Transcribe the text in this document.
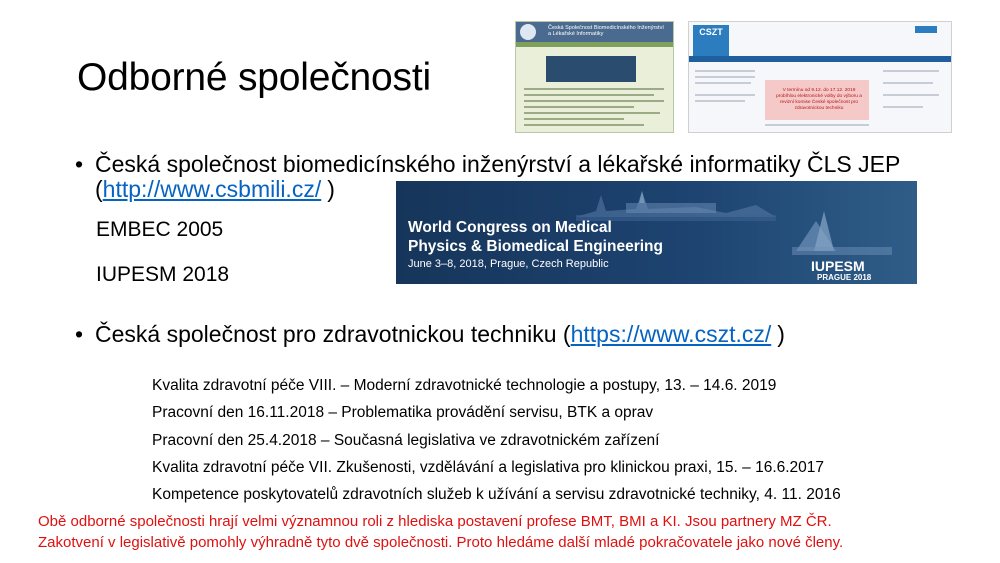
Odborné společnosti
Česká Společnost Biomedicínského Inženýrství a Lékařské Informatiky	CSZT
V termínu od 9.12. do 17.12. 2019 probíhlou elektronické volby do výboru a revizní komise České společnost pro zdravotnickou techniku
• Česká společnost biomedicínského inženýrství a lékařské informatiky ČLS JEP
(http://www.csbmili.cz/ )
EMBEC 2005
IUPESM 2018
World Congress on Medical
Physics & Biomedical Engineering
June 3–8, 2018, Prague, Czech Republic	IUPESM
PRAGUE 2018
• Česká společnost pro zdravotnickou techniku (https://www.cszt.cz/ )
Kvalita zdravotní péče VIII. – Moderní zdravotnické technologie a postupy, 13. – 14.6. 2019
Pracovní den 16.11.2018 – Problematika provádění servisu, BTK a oprav
Pracovní den 25.4.2018 – Současná legislativa ve zdravotnickém zařízení
Kvalita zdravotní péče VII. Zkušenosti, vzdělávání a legislativa pro klinickou praxi, 15. – 16.6.2017
Kompetence poskytovatelů zdravotních služeb k užívání a servisu zdravotnické techniky, 4. 11. 2016
Obě odborné společnosti hrají velmi významnou roli z hlediska postavení profese BMT, BMI a KI. Jsou partnery MZ ČR.
Zakotvení v legislativě pomohly výhradně tyto dvě společnosti. Proto hledáme další mladé pokračovatele jako nové členy.
